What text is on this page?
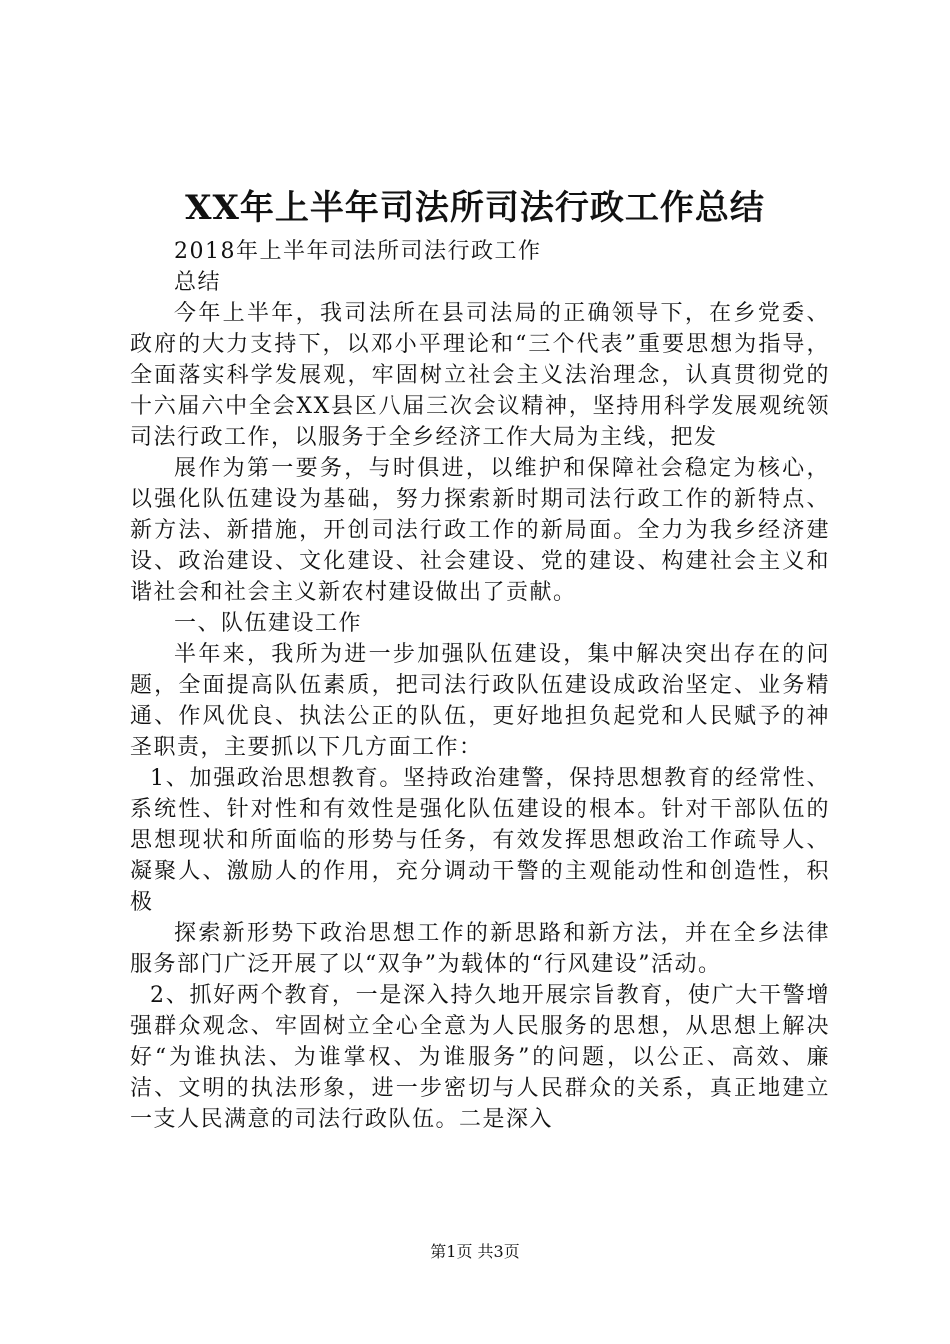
XX年上半年司法所司法行政工作总结

2018年上半年司法所司法行政工作

总结

今年上半年，我司法所在县司法局的正确领导下，在乡党委、政府的大力支持下，以邓小平理论和“三个代表”重要思想为指导，全面落实科学发展观，牢固树立社会主义法治理念，认真贯彻党的十六届六中全会XX县区八届三次会议精神，坚持用科学发展观统领司法行政工作，以服务于全乡经济工作大局为主线，把发

展作为第一要务，与时俱进，以维护和保障社会稳定为核心，以强化队伍建设为基础，努力探索新时期司法行政工作的新特点、新方法、新措施，开创司法行政工作的新局面。全力为我乡经济建设、政治建设、文化建设、社会建设、党的建设、构建社会主义和谐社会和社会主义新农村建设做出了贡献。

一、队伍建设工作

半年来，我所为进一步加强队伍建设，集中解决突出存在的问题，全面提高队伍素质，把司法行政队伍建设成政治坚定、业务精通、作风优良、执法公正的队伍，更好地担负起党和人民赋予的神圣职责，主要抓以下几方面工作：

1、加强政治思想教育。坚持政治建警，保持思想教育的经常性、系统性、针对性和有效性是强化队伍建设的根本。针对干部队伍的思想现状和所面临的形势与任务，有效发挥思想政治工作疏导人、凝聚人、激励人的作用，充分调动干警的主观能动性和创造性，积极

探索新形势下政治思想工作的新思路和新方法，并在全乡法律服务部门广泛开展了以“双争”为载体的“行风建设”活动。

2、抓好两个教育，一是深入持久地开展宗旨教育，使广大干警增强群众观念、牢固树立全心全意为人民服务的思想，从思想上解决好“为谁执法、为谁掌权、为谁服务”的问题，以公正、高效、廉洁、文明的执法形象，进一步密切与人民群众的关系，真正地建立一支人民满意的司法行政队伍。二是深入

第1页 共3页
